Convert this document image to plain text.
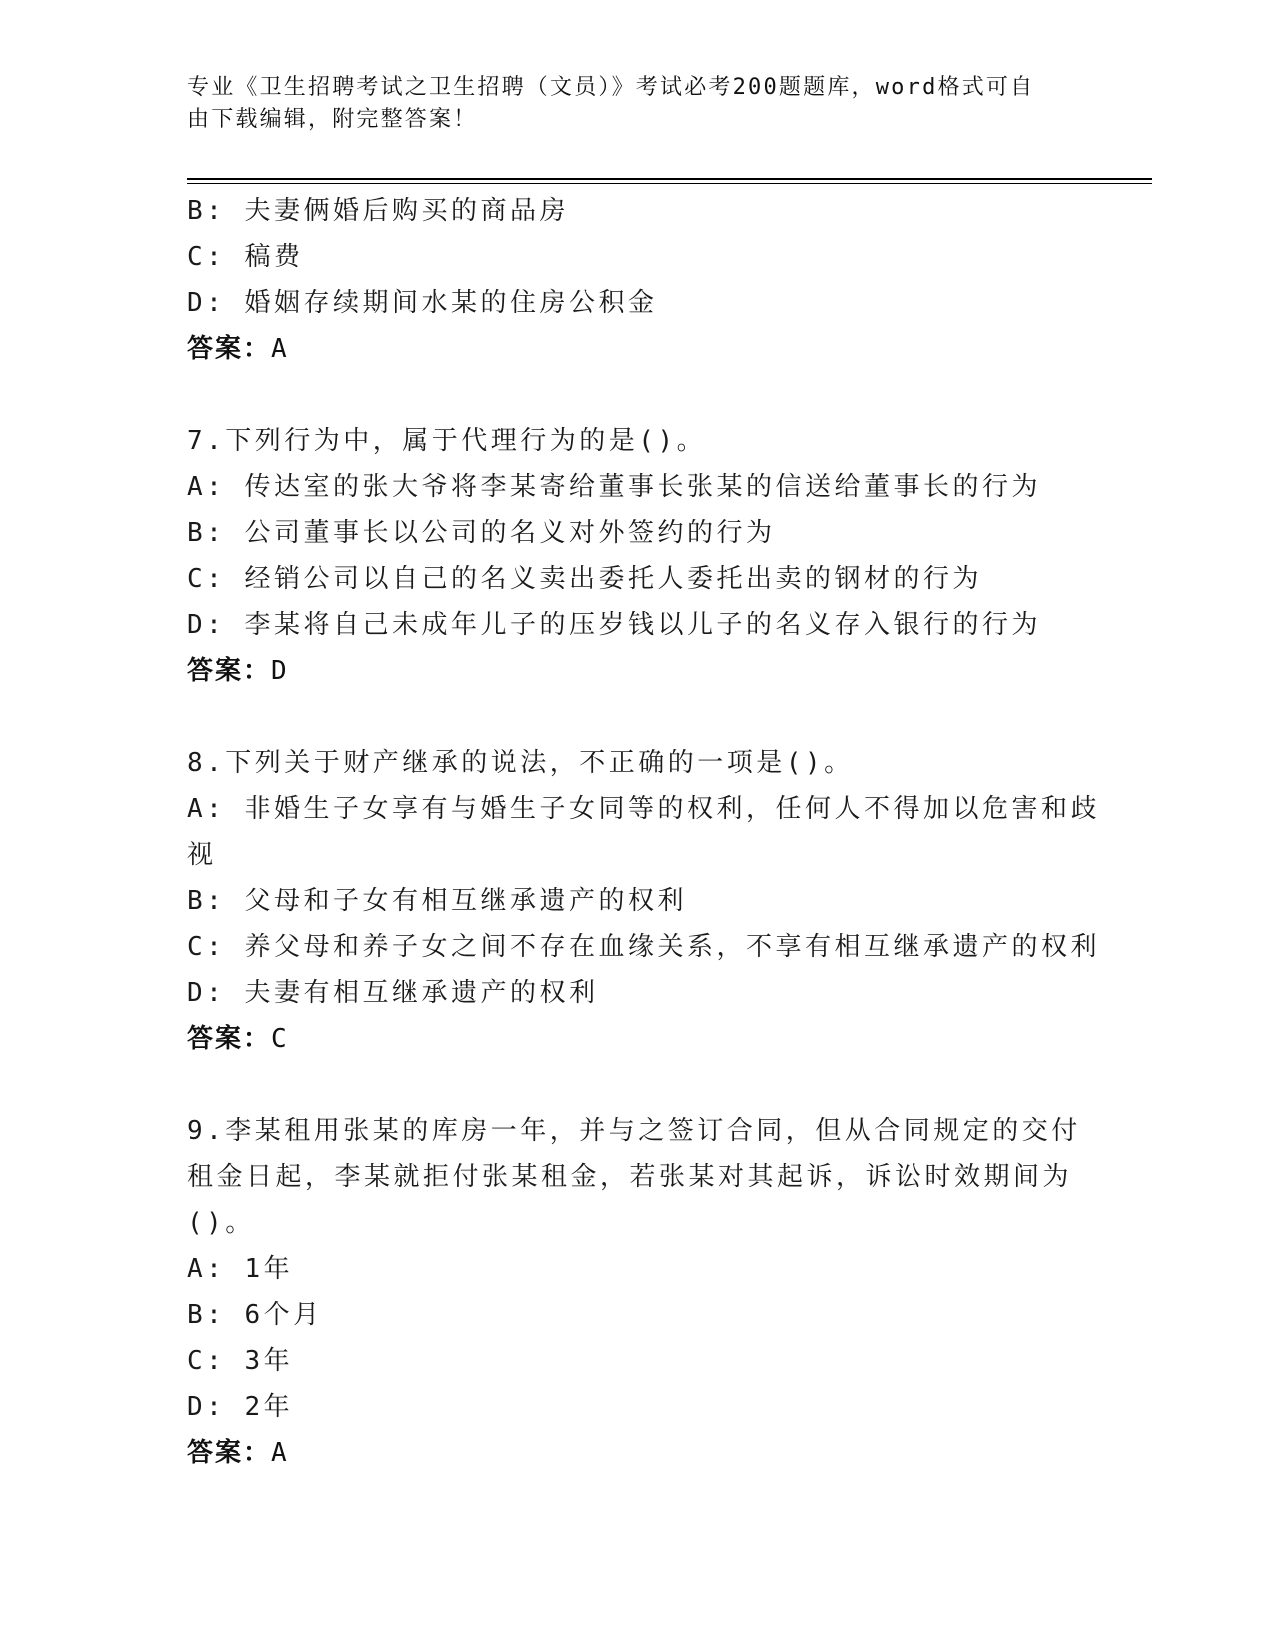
专业《卫生招聘考试之卫生招聘（文员）》考试必考200题题库，word格式可自
由下载编辑，附完整答案！
B: 夫妻俩婚后购买的商品房
C: 稿费
D: 婚姻存续期间水某的住房公积金
答案：A
7.下列行为中，属于代理行为的是()。
A: 传达室的张大爷将李某寄给董事长张某的信送给董事长的行为
B: 公司董事长以公司的名义对外签约的行为
C: 经销公司以自己的名义卖出委托人委托出卖的钢材的行为
D: 李某将自己未成年儿子的压岁钱以儿子的名义存入银行的行为
答案：D
8.下列关于财产继承的说法，不正确的一项是()。
A: 非婚生子女享有与婚生子女同等的权利，任何人不得加以危害和歧
视
B: 父母和子女有相互继承遗产的权利
C: 养父母和养子女之间不存在血缘关系，不享有相互继承遗产的权利
D: 夫妻有相互继承遗产的权利
答案：C
9.李某租用张某的库房一年，并与之签订合同，但从合同规定的交付
租金日起，李某就拒付张某租金，若张某对其起诉，诉讼时效期间为
()。
A: 1年
B: 6个月
C: 3年
D: 2年
答案：A
